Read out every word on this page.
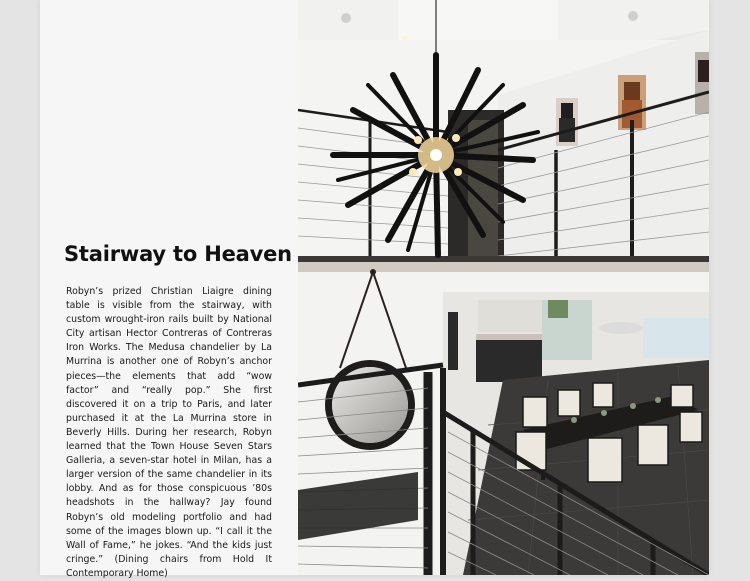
Stairway to Heaven

Robyn’s prized Christian Liaigre dining table is visible from the stairway, with custom wrought-iron rails built by National City artisan Hector Contreras of Contreras Iron Works. The Medusa chandelier by La Murrina is another one of Robyn’s anchor pieces—the elements that add “wow factor” and “really pop.” She first discovered it on a trip to Paris, and later purchased it at the La Murrina store in Beverly Hills. During her research, Robyn learned that the Town House Seven Stars Galleria, a seven-star hotel in Milan, has a larger version of the same chandelier in its lobby. And as for those conspicuous ’80s headshots in the hallway? Jay found Robyn’s old modeling portfolio and had some of the images blown up. “I call it the Wall of Fame,” he jokes. “And the kids just cringe.” (Dining chairs from Hold It Contemporary Home)
